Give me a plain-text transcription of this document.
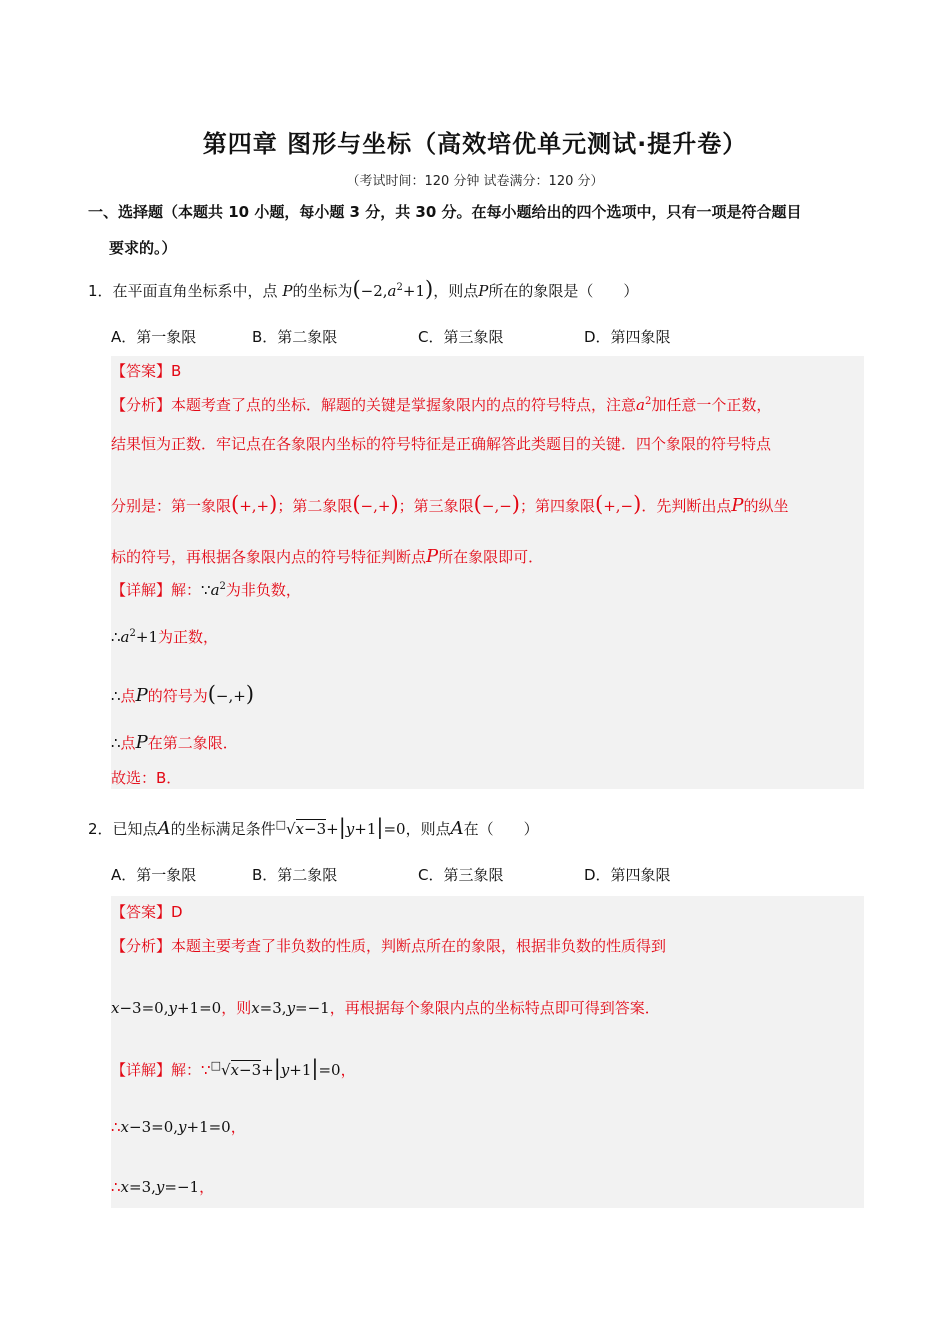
第四章 图形与坐标（高效培优单元测试·提升卷）
（考试时间：120 分钟 试卷满分：120 分）
一、选择题（本题共 10 小题，每小题 3 分，共 30 分。在每小题给出的四个选项中，只有一项是符合题目
要求的。）
1．在平面直角坐标系中，点 P的坐标为$(-2,a^2+1)$，则点P所在的象限是（　　）
A．第一象限	B．第二象限	C．第三象限	D．第四象限
【答案】B
【分析】本题考查了点的坐标．解题的关键是掌握象限内的点的符号特点，注意$a^2$加任意一个正数，
结果恒为正数．牢记点在各象限内坐标的符号特征是正确解答此类题目的关键．四个象限的符号特点
分别是：第一象限(+,+)；第二象限(−,+)；第三象限(−,−)；第四象限(+,−)．先判断出点P的纵坐
标的符号，再根据各象限内点的符号特征判断点P所在象限即可．
【详解】解：$\because a^2$为非负数，
$\therefore a^2+1$为正数，
∴点P的符号为(−,+)
∴点P在第二象限．
故选：B．
2．已知点A的坐标满足条件□√x−3+|y+1|=0，则点A在（　　）
A．第一象限	B．第二象限	C．第三象限	D．第四象限
【答案】D
【分析】本题主要考查了非负数的性质，判断点所在的象限，根据非负数的性质得到
x−3=0,y+1=0，则x=3,y=−1，再根据每个象限内点的坐标特点即可得到答案．
【详解】解：∵□√x−3+|y+1|=0，
∴x−3=0,y+1=0，
∴x=3,y=−1，
